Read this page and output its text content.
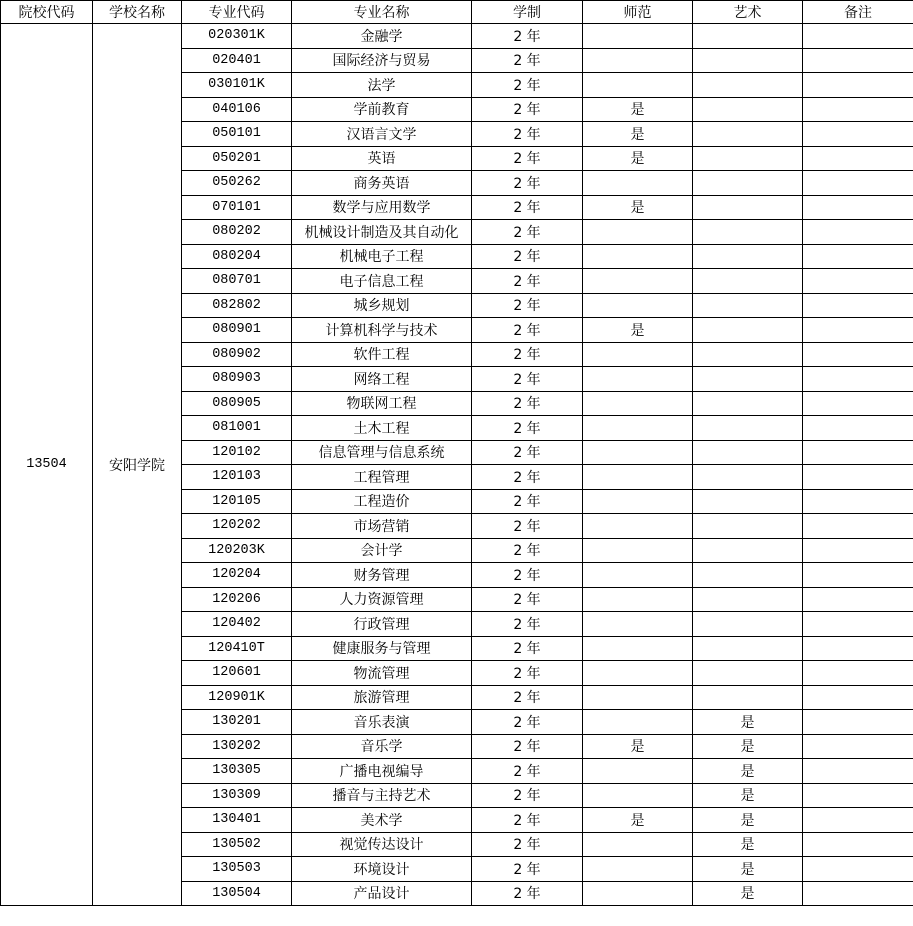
院校代码	学校名称	专业代码	专业名称	学制	师范	艺术	备注
13504	安阳学院	020301K	金融学	2 年			
		020401	国际经济与贸易	2 年			
		030101K	法学	2 年			
		040106	学前教育	2 年	是		
		050101	汉语言文学	2 年	是		
		050201	英语	2 年	是		
		050262	商务英语	2 年			
		070101	数学与应用数学	2 年	是		
		080202	机械设计制造及其自动化	2 年			
		080204	机械电子工程	2 年			
		080701	电子信息工程	2 年			
		082802	城乡规划	2 年			
		080901	计算机科学与技术	2 年	是		
		080902	软件工程	2 年			
		080903	网络工程	2 年			
		080905	物联网工程	2 年			
		081001	土木工程	2 年			
		120102	信息管理与信息系统	2 年			
		120103	工程管理	2 年			
		120105	工程造价	2 年			
		120202	市场营销	2 年			
		120203K	会计学	2 年			
		120204	财务管理	2 年			
		120206	人力资源管理	2 年			
		120402	行政管理	2 年			
		120410T	健康服务与管理	2 年			
		120601	物流管理	2 年			
		120901K	旅游管理	2 年			
		130201	音乐表演	2 年		是	
		130202	音乐学	2 年	是	是	
		130305	广播电视编导	2 年		是	
		130309	播音与主持艺术	2 年		是	
		130401	美术学	2 年	是	是	
		130502	视觉传达设计	2 年		是	
		130503	环境设计	2 年		是	
		130504	产品设计	2 年		是	
